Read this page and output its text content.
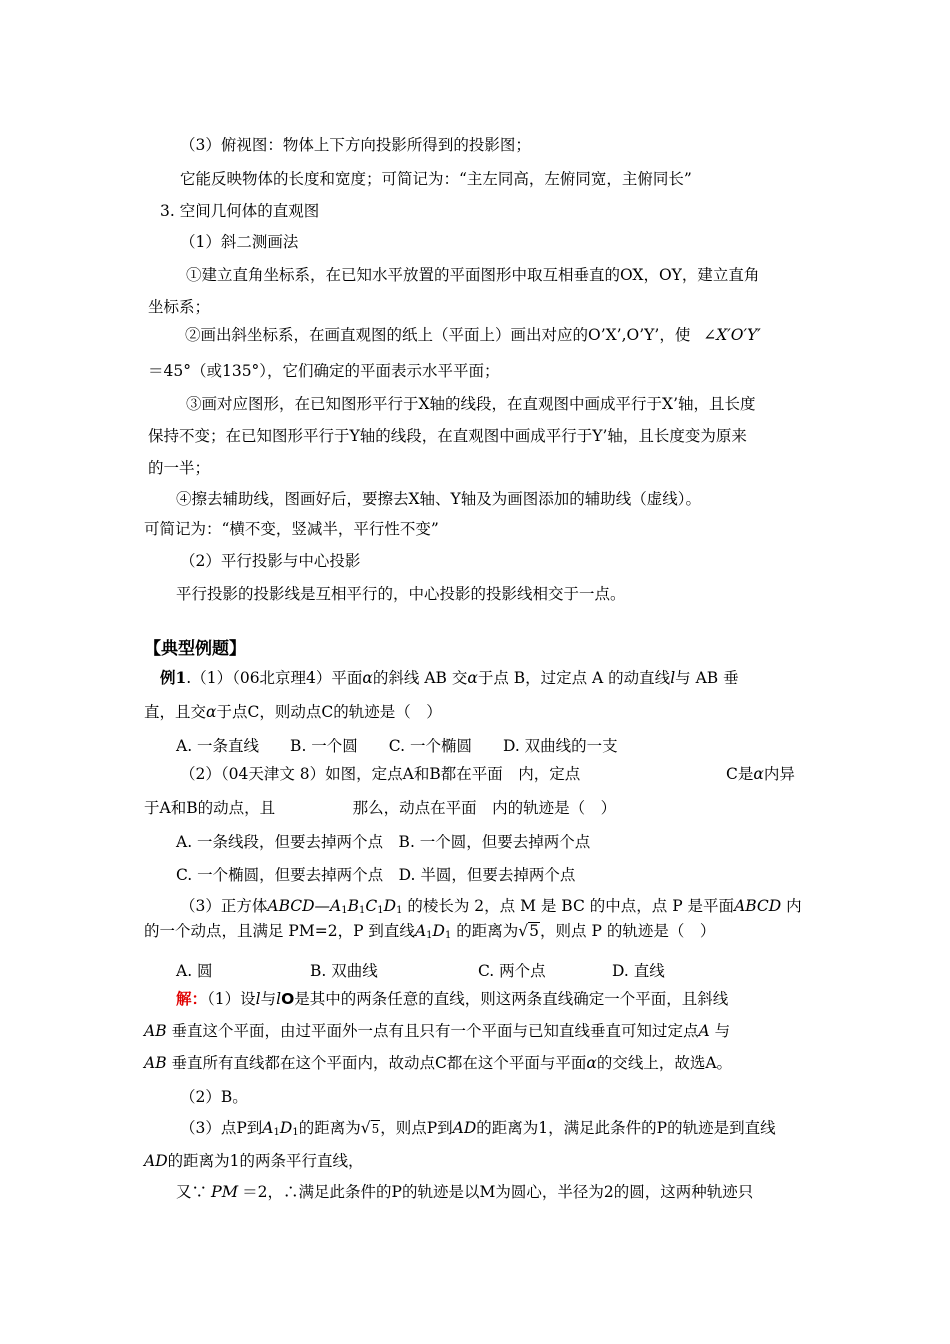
（3）俯视图：物体上下方向投影所得到的投影图；
它能反映物体的长度和宽度；可简记为：“主左同高，左俯同宽，主俯同长”
3. 空间几何体的直观图
（1）斜二测画法
①建立直角坐标系，在已知水平放置的平面图形中取互相垂直的OX，OY，建立直角
坐标系；
②画出斜坐标系，在画直观图的纸上（平面上）画出对应的O’X’,O’Y’，使 ∠X′O′Y′
＝45°（或135°），它们确定的平面表示水平平面；
③画对应图形，在已知图形平行于X轴的线段，在直观图中画成平行于X’轴，且长度
保持不变；在已知图形平行于Y轴的线段，在直观图中画成平行于Y’轴，且长度变为原来
的一半；
④擦去辅助线，图画好后，要擦去X轴、Y轴及为画图添加的辅助线（虚线）。
可简记为：“横不变，竖减半，平行性不变”
（2）平行投影与中心投影
平行投影的投影线是互相平行的，中心投影的投影线相交于一点。
【典型例题】
例1.（1）（06北京理4）平面α的斜线 AB 交α于点 B，过定点 A 的动直线l与 AB 垂
直，且交α于点C，则动点C的轨迹是（　）
A. 一条直线　　B. 一个圆　　C. 一个椭圆　　D. 双曲线的一支
（2）（04天津文 8）如图，定点A和B都在平面　内，定点	C是α内异
于A和B的动点，且　　　　　那么，动点在平面　内的轨迹是（　）
A. 一条线段，但要去掉两个点　B. 一个圆，但要去掉两个点
C. 一个椭圆，但要去掉两个点　D. 半圆，但要去掉两个点
（3）正方体$ABCD—A_1B_1C_1D_1$ 的棱长为 2，点 M 是 BC 的中点，点 P 是平面ABCD 内
的一个动点，且满足 PM=2，P 到直线$A_1D_1$ 的距离为√5，则点 P 的轨迹是（　）
A. 圆	B. 双曲线	C. 两个点	D. 直线
解：（1）设l与lO是其中的两条任意的直线，则这两条直线确定一个平面，且斜线
AB 垂直这个平面，由过平面外一点有且只有一个平面与已知直线垂直可知过定点A 与
AB 垂直所有直线都在这个平面内，故动点C都在这个平面与平面α的交线上，故选A。
（2）B。
（3）点P到$A_1D_1$的距离为√5，则点P到AD的距离为1，满足此条件的P的轨迹是到直线
AD的距离为1的两条平行直线，
又∵ PM ＝2，∴满足此条件的P的轨迹是以M为圆心，半径为2的圆，这两种轨迹只
